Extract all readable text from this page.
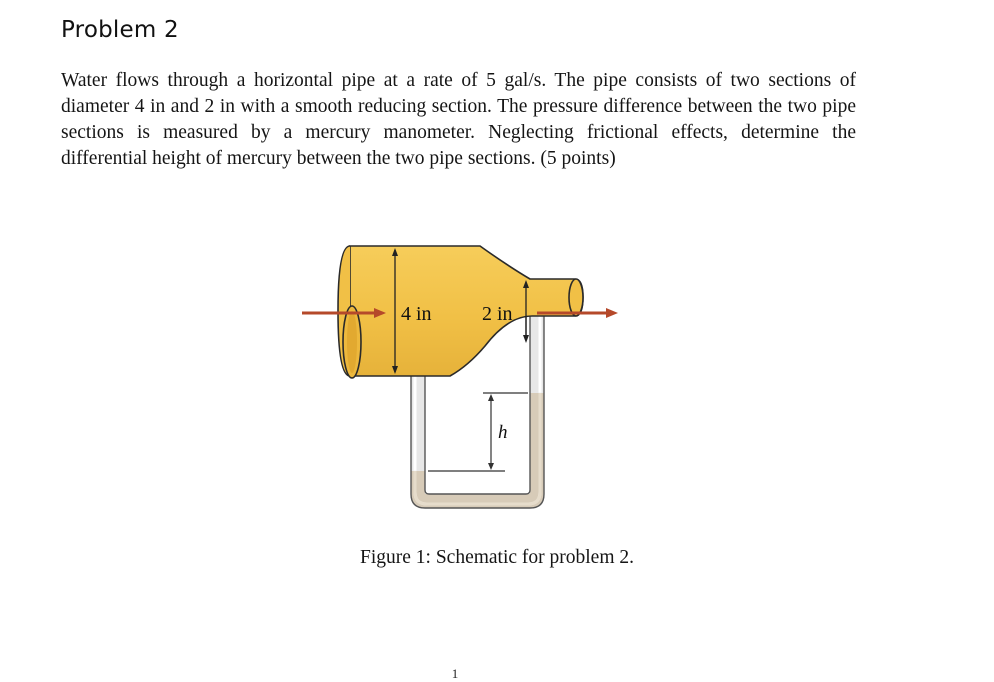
Problem 2

Water flows through a horizontal pipe at a rate of 5 gal/s. The pipe consists of two sections of diameter 4 in and 2 in with a smooth reducing section. The pressure difference between the two pipe sections is measured by a mercury manometer. Neglecting frictional effects, determine the differential height of mercury between the two pipe sections. (5 points)

4 in	2 in
h

Figure 1: Schematic for problem 2.

1
